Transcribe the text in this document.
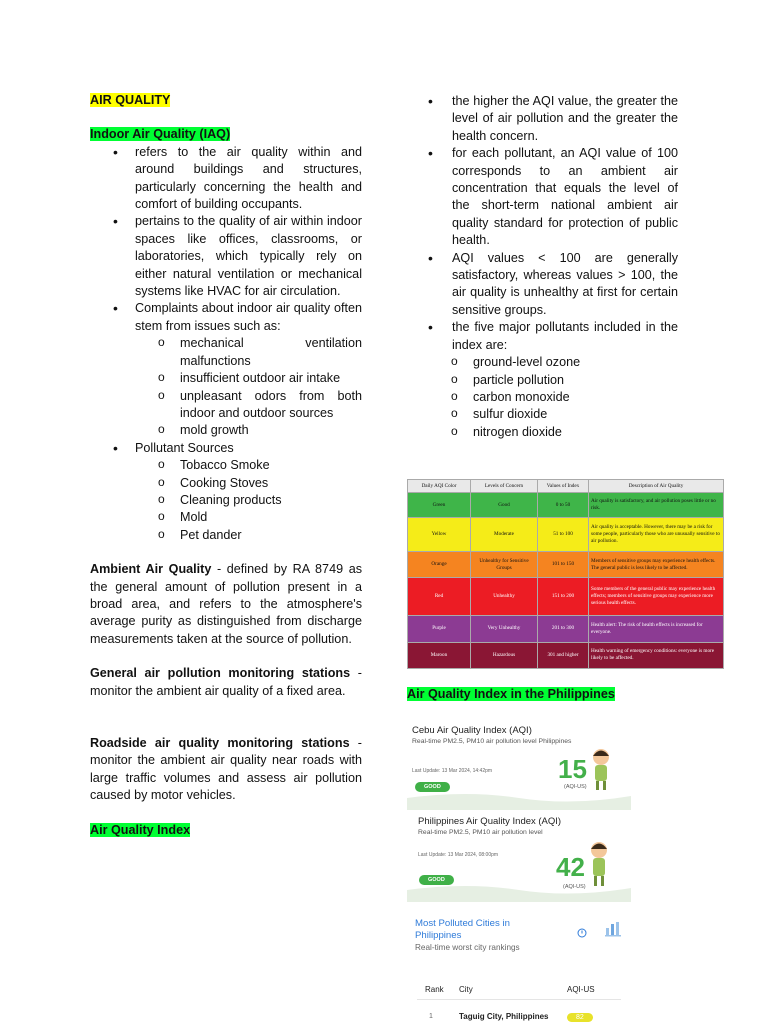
AIR QUALITY
Indoor Air Quality (IAQ)
• refers to the air quality within and around buildings and structures, particularly concerning the health and comfort of building occupants.
• pertains to the quality of air within indoor spaces like offices, classrooms, or laboratories, which typically rely on either natural ventilation or mechanical systems like HVAC for air circulation.
• Complaints about indoor air quality often stem from issues such as:
o mechanical ventilation malfunctions
o insufficient outdoor air intake
o unpleasant odors from both indoor and outdoor sources
o mold growth
• Pollutant Sources
o Tobacco Smoke
o Cooking Stoves
o Cleaning products
o Mold
o Pet dander

Ambient Air Quality - defined by RA 8749 as the general amount of pollution present in a broad area, and refers to the atmosphere's average purity as distinguished from discharge measurements taken at the source of pollution.

General air pollution monitoring stations - monitor the ambient air quality of a fixed area.

Roadside air quality monitoring stations - monitor the ambient air quality near roads with large traffic volumes and assess air pollution caused by motor vehicles.

Air Quality Index
• the higher the AQI value, the greater the level of air pollution and the greater the health concern.
• for each pollutant, an AQI value of 100 corresponds to an ambient air concentration that equals the level of the short-term national ambient air quality standard for protection of public health.
• AQI values < 100 are generally satisfactory, whereas values > 100, the air quality is unhealthy at first for certain sensitive groups.
• the five major pollutants included in the index are:
o ground-level ozone
o particle pollution
o carbon monoxide
o sulfur dioxide
o nitrogen dioxide
Daily AQI Color	Levels of Concern	Values of Index	Description of Air Quality
Green	Good	0 to 50	Air quality is satisfactory, and air pollution poses little or no risk.
Yellow	Moderate	51 to 100	Air quality is acceptable. However, there may be a risk for some people, particularly those who are unusually sensitive to air pollution.
Orange	Unhealthy for Sensitive Groups	101 to 150	Members of sensitive groups may experience health effects. The general public is less likely to be affected.
Red	Unhealthy	151 to 200	Some members of the general public may experience health effects; members of sensitive groups may experience more serious health effects.
Purple	Very Unhealthy	201 to 300	Health alert: The risk of health effects is increased for everyone.
Maroon	Hazardous	301 and higher	Health warning of emergency conditions: everyone is more likely to be affected.
Air Quality Index in the Philippines
Cebu Air Quality Index (AQI)
Real-time PM2.5, PM10 air pollution level Philippines
Last Update: 13 Mar 2024, 14:42pm	15
(AQI-US)
GOOD
Philippines Air Quality Index (AQI)
Real-time PM2.5, PM10 air pollution level
Last Update: 13 Mar 2024, 08:00pm 42
(AQI-US)
GOOD
Most Polluted Cities in Philippines
Real-time worst city rankings
Rank City	AQI-US
1	Taguig City, Philippines	82
